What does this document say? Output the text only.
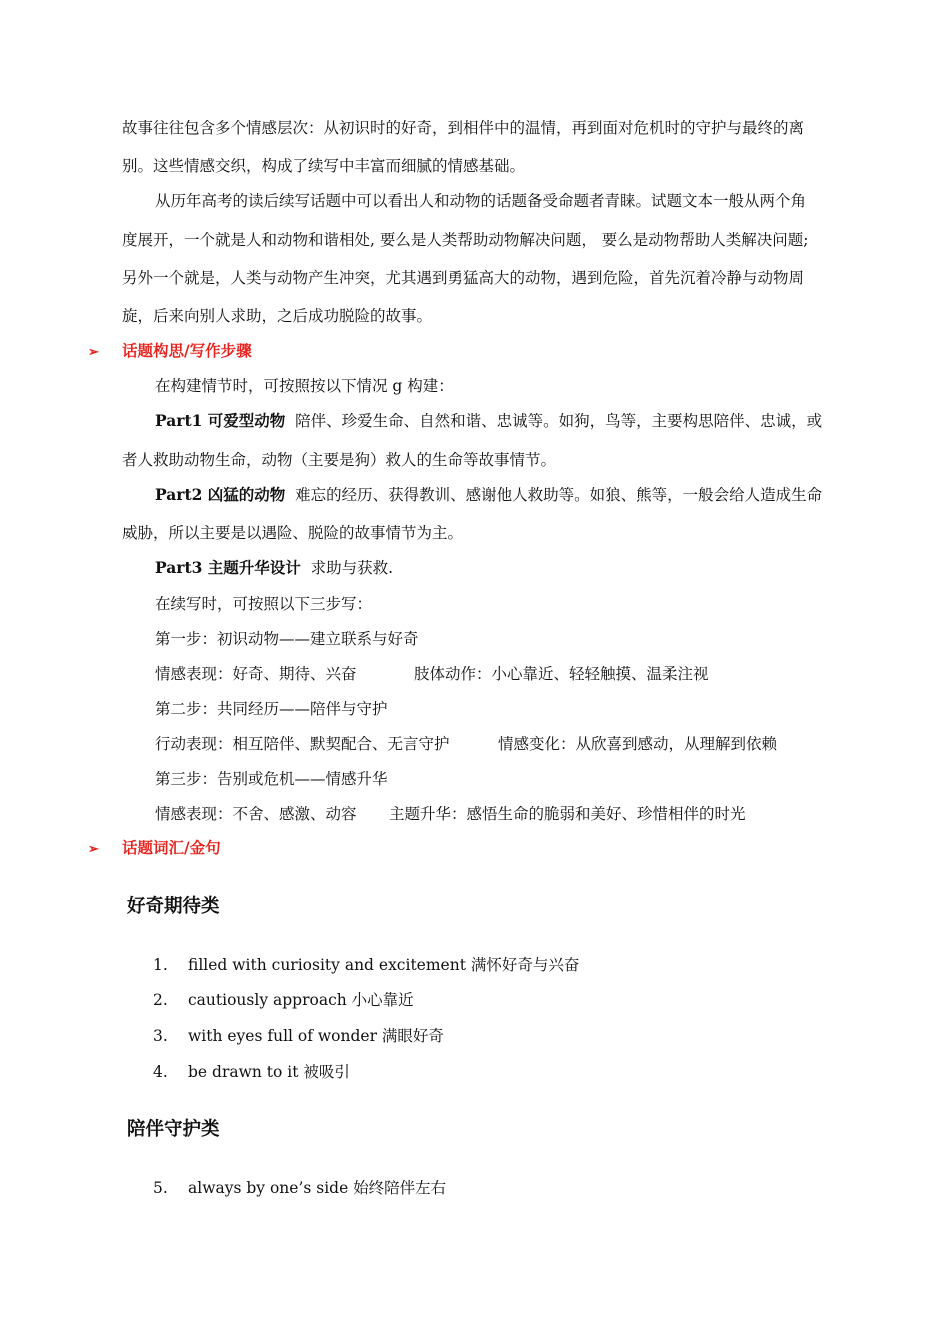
故事往往包含多个情感层次：从初识时的好奇，到相伴中的温情，再到面对危机时的守护与最终的离
别。这些情感交织，构成了续写中丰富而细腻的情感基础。
从历年高考的读后续写话题中可以看出人和动物的话题备受命题者青睐。试题文本一般从两个角
度展开，一个就是人和动物和谐相处, 要么是人类帮助动物解决问题， 要么是动物帮助人类解决问题;
另外一个就是，人类与动物产生冲突，尤其遇到勇猛高大的动物，遇到危险，首先沉着冷静与动物周
旋，后来向别人求助，之后成功脱险的故事。
➢ 话题构思/写作步骤
在构建情节时，可按照按以下情况 g 构建：
Part1 可爱型动物 陪伴、珍爱生命、自然和谐、忠诚等。如狗，鸟等，主要构思陪伴、忠诚，或
者人救助动物生命，动物（主要是狗）救人的生命等故事情节。
Part2 凶猛的动物 难忘的经历、获得教训、感谢他人救助等。如狼、熊等，一般会给人造成生命
威胁，所以主要是以遇险、脱险的故事情节为主。
Part3 主题升华设计 求助与获救.
在续写时，可按照以下三步写：
第一步：初识动物——建立联系与好奇
情感表现：好奇、期待、兴奋	肢体动作：小心靠近、轻轻触摸、温柔注视
第二步：共同经历——陪伴与守护
行动表现：相互陪伴、默契配合、无言守护	情感变化：从欣喜到感动，从理解到依赖
第三步：告别或危机——情感升华
情感表现：不舍、感激、动容 主题升华：感悟生命的脆弱和美好、珍惜相伴的时光
➢ 话题词汇/金句
好奇期待类
1. filled with curiosity and excitement 满怀好奇与兴奋
2. cautiously approach 小心靠近
3. with eyes full of wonder 满眼好奇
4. be drawn to it 被吸引
陪伴守护类
5. always by one’s side 始终陪伴左右
